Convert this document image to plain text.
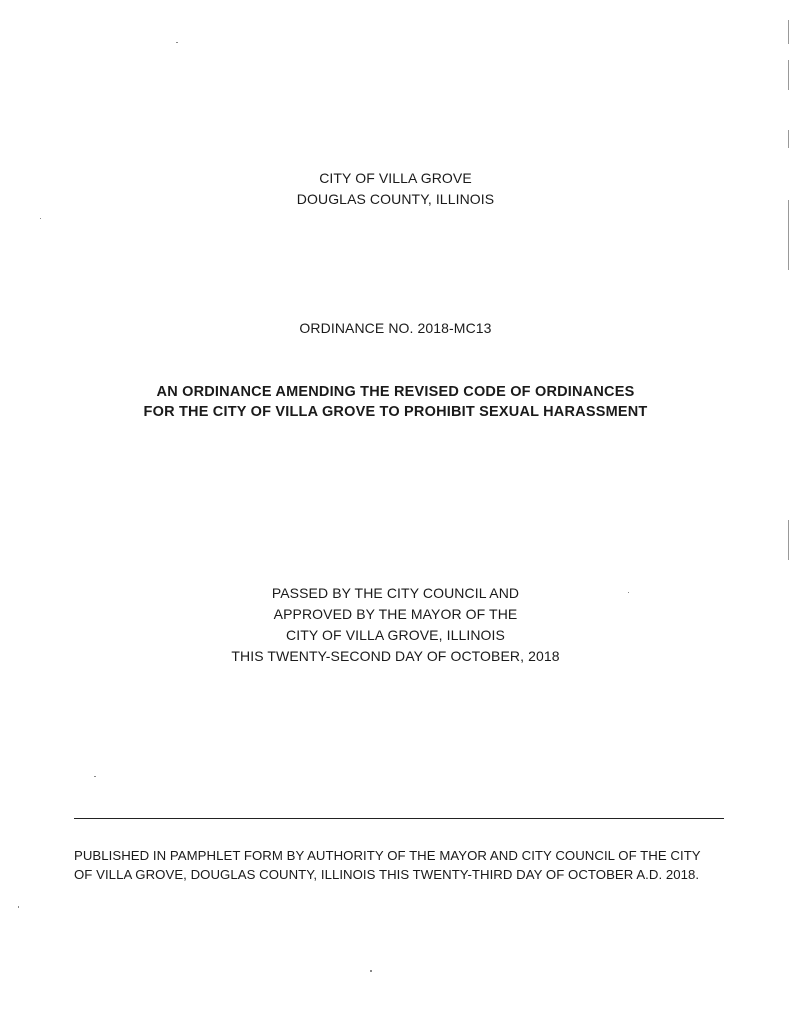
CITY OF VILLA GROVE
DOUGLAS COUNTY, ILLINOIS
ORDINANCE NO. 2018-MC13
AN ORDINANCE AMENDING THE REVISED CODE OF ORDINANCES
FOR THE CITY OF VILLA GROVE TO PROHIBIT SEXUAL HARASSMENT
PASSED BY THE CITY COUNCIL AND
APPROVED BY THE MAYOR OF THE
CITY OF VILLA GROVE, ILLINOIS
THIS TWENTY-SECOND DAY OF OCTOBER, 2018
PUBLISHED IN PAMPHLET FORM BY AUTHORITY OF THE MAYOR AND CITY COUNCIL OF THE CITY
OF VILLA GROVE, DOUGLAS COUNTY, ILLINOIS THIS TWENTY-THIRD DAY OF OCTOBER A.D. 2018.
